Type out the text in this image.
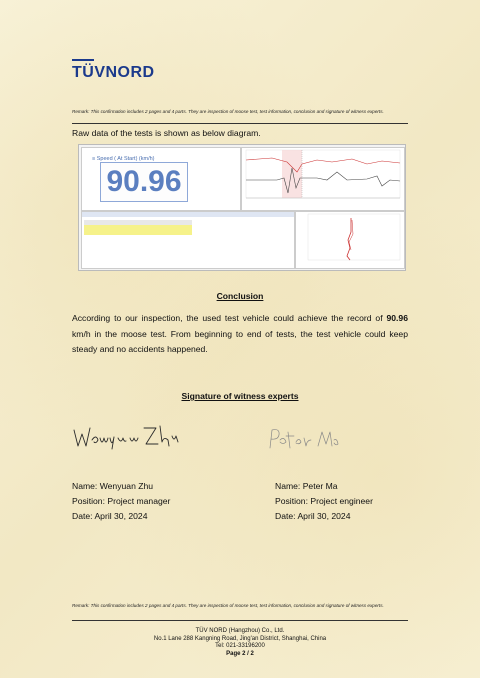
TÜVNORD
Remark: This confirmation includes 2 pages and 4 parts. They are inspection of moose test, test information, conclusion and signature of witness experts.
Raw data of the tests is shown as below diagram.
≡ Speed ( At Start) (km/h)
90.96
Conclusion
According to our inspection, the used test vehicle could achieve the record of 90.96 km/h in the moose test. From beginning to end of tests, the test vehicle could keep steady and no accidents happened.
Signature of witness experts
Name: Wenyuan Zhu
Position: Project manager
Date: April 30, 2024
Name: Peter Ma
Position: Project engineer
Date: April 30, 2024
Remark: This confirmation includes 2 pages and 4 parts. They are inspection of moose test, test information, conclusion and signature of witness experts.
TÜV NORD (Hangzhou) Co., Ltd.
No.1 Lane 288 Kangning Road, Jing'an District, Shanghai, China
Tel: 021-33196200
Page 2 / 2
